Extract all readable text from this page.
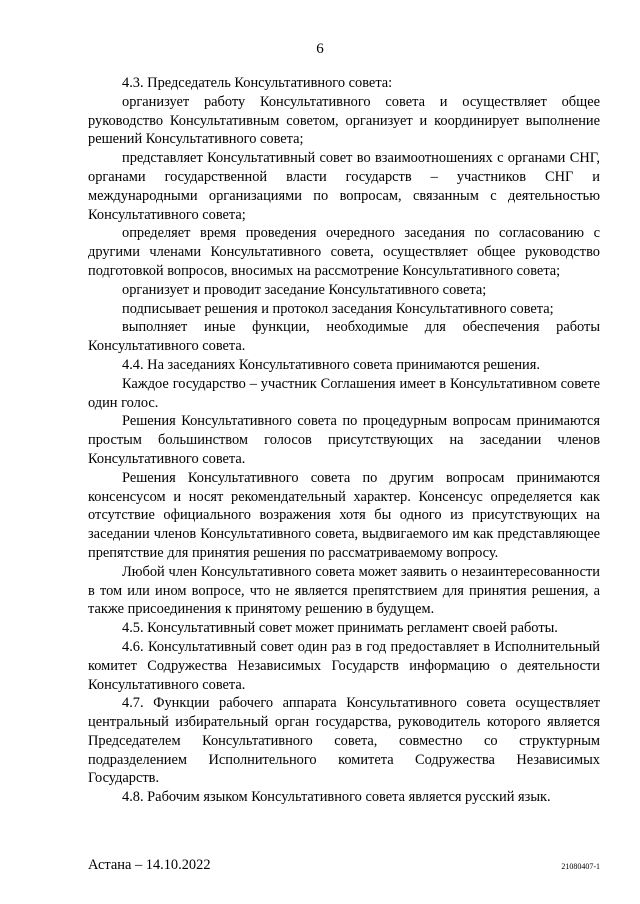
6

4.3. Председатель Консультативного совета:

организует работу Консультативного совета и осуществляет общее руководство Консультативным советом, организует и координирует выполнение решений Консультативного совета;

представляет Консультативный совет во взаимоотношениях с органами СНГ, органами государственной власти государств – участников СНГ и международными организациями по вопросам, связанным с деятельностью Консультативного совета;

определяет время проведения очередного заседания по согласованию с другими членами Консультативного совета, осуществляет общее руководство подготовкой вопросов, вносимых на рассмотрение Консультативного совета;

организует и проводит заседание Консультативного совета;

подписывает решения и протокол заседания Консультативного совета;

выполняет иные функции, необходимые для обеспечения работы Консультативного совета.

4.4. На заседаниях Консультативного совета принимаются решения.

Каждое государство – участник Соглашения имеет в Консультативном совете один голос.

Решения Консультативного совета по процедурным вопросам принимаются простым большинством голосов присутствующих на заседании членов Консультативного совета.

Решения Консультативного совета по другим вопросам принимаются консенсусом и носят рекомендательный характер. Консенсус определяется как отсутствие официального возражения хотя бы одного из присутствующих на заседании членов Консультативного совета, выдвигаемого им как представляющее препятствие для принятия решения по рассматриваемому вопросу.

Любой член Консультативного совета может заявить о незаинтересованности в том или ином вопросе, что не является препятствием для принятия решения, а также присоединения к принятому решению в будущем.

4.5. Консультативный совет может принимать регламент своей работы.

4.6. Консультативный совет один раз в год предоставляет в Исполнительный комитет Содружества Независимых Государств информацию о деятельности Консультативного совета.

4.7. Функции рабочего аппарата Консультативного совета осуществляет центральный избирательный орган государства, руководитель которого является Председателем Консультативного совета, совместно со структурным подразделением Исполнительного комитета Содружества Независимых Государств.

4.8. Рабочим языком Консультативного совета является русский язык.

Астана – 14.10.2022	21080407-1
